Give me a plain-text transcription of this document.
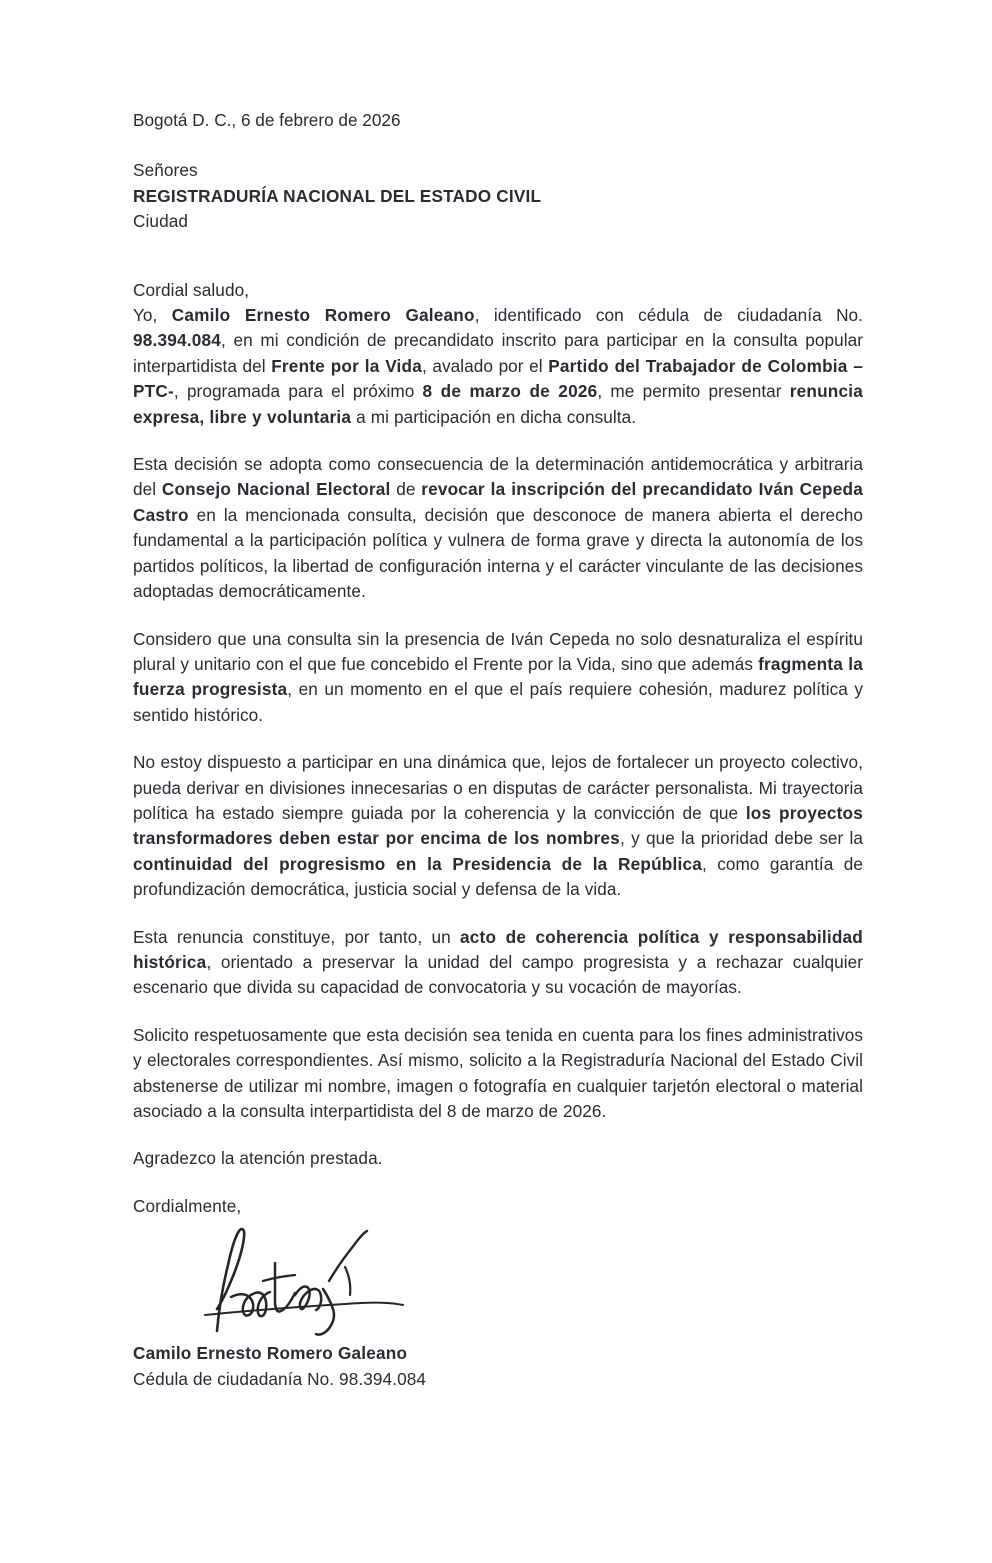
Bogotá D. C., 6 de febrero de 2026
Señores
REGISTRADURÍA NACIONAL DEL ESTADO CIVIL
Ciudad
Cordial saludo,

Yo, Camilo Ernesto Romero Galeano, identificado con cédula de ciudadanía No. 98.394.084, en mi condición de precandidato inscrito para participar en la consulta popular interpartidista del Frente por la Vida, avalado por el Partido del Trabajador de Colombia –PTC-, programada para el próximo 8 de marzo de 2026, me permito presentar renuncia expresa, libre y voluntaria a mi participación en dicha consulta.

Esta decisión se adopta como consecuencia de la determinación antidemocrática y arbitraria del Consejo Nacional Electoral de revocar la inscripción del precandidato Iván Cepeda Castro en la mencionada consulta, decisión que desconoce de manera abierta el derecho fundamental a la participación política y vulnera de forma grave y directa la autonomía de los partidos políticos, la libertad de configuración interna y el carácter vinculante de las decisiones adoptadas democráticamente.

Considero que una consulta sin la presencia de Iván Cepeda no solo desnaturaliza el espíritu plural y unitario con el que fue concebido el Frente por la Vida, sino que además fragmenta la fuerza progresista, en un momento en el que el país requiere cohesión, madurez política y sentido histórico.

No estoy dispuesto a participar en una dinámica que, lejos de fortalecer un proyecto colectivo, pueda derivar en divisiones innecesarias o en disputas de carácter personalista. Mi trayectoria política ha estado siempre guiada por la coherencia y la convicción de que los proyectos transformadores deben estar por encima de los nombres, y que la prioridad debe ser la continuidad del progresismo en la Presidencia de la República, como garantía de profundización democrática, justicia social y defensa de la vida.

Esta renuncia constituye, por tanto, un acto de coherencia política y responsabilidad histórica, orientado a preservar la unidad del campo progresista y a rechazar cualquier escenario que divida su capacidad de convocatoria y su vocación de mayorías.

Solicito respetuosamente que esta decisión sea tenida en cuenta para los fines administrativos y electorales correspondientes. Así mismo, solicito a la Registraduría Nacional del Estado Civil abstenerse de utilizar mi nombre, imagen o fotografía en cualquier tarjetón electoral o material asociado a la consulta interpartidista del 8 de marzo de 2026.

Agradezco la atención prestada.
Cordialmente,
Camilo Ernesto Romero Galeano
Cédula de ciudadanía No. 98.394.084
